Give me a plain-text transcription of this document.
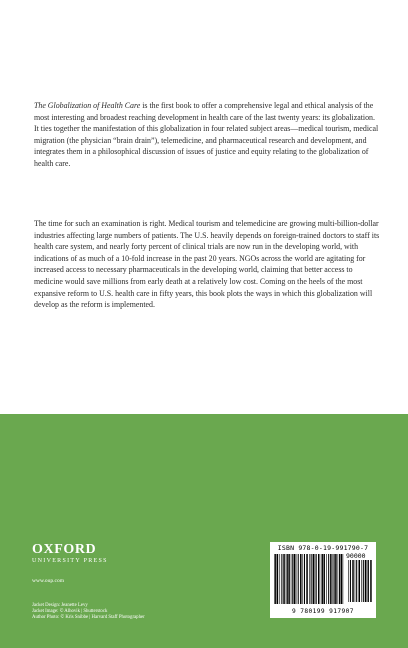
The Globalization of Health Care is the first book to offer a comprehensive legal and ethical analysis of the most interesting and broadest reaching development in health care of the last twenty years: its globalization. It ties together the manifestation of this globalization in four related subject areas—medical tourism, medical migration (the physician “brain drain”), telemedicine, and pharmaceutical research and development, and integrates them in a philosophical discussion of issues of justice and equity relating to the globalization of health care.

The time for such an examination is right. Medical tourism and telemedicine are growing multi-billion-dollar industries affecting large numbers of patients. The U.S. heavily depends on foreign-trained doctors to staff its health care system, and nearly forty percent of clinical trials are now run in the developing world, with indications of as much of a 10-fold increase in the past 20 years. NGOs across the world are agitating for increased access to necessary pharmaceuticals in the developing world, claiming that better access to medicine would save millions from early death at a relatively low cost. Coming on the heels of the most expansive reform to U.S. health care in fifty years, this book plots the ways in which this globalization will develop as the reform is implemented.

OXFORD
UNIVERSITY PRESS
www.oup.com
Jacket Design: Jeanette Levy
Jacket Image: © Alhovik | Shutterstock
Author Photo: © Kris Snibbe | Harvard Staff Photographer
ISBN 978-0-19-991790-7
90000
9 780199 917907
